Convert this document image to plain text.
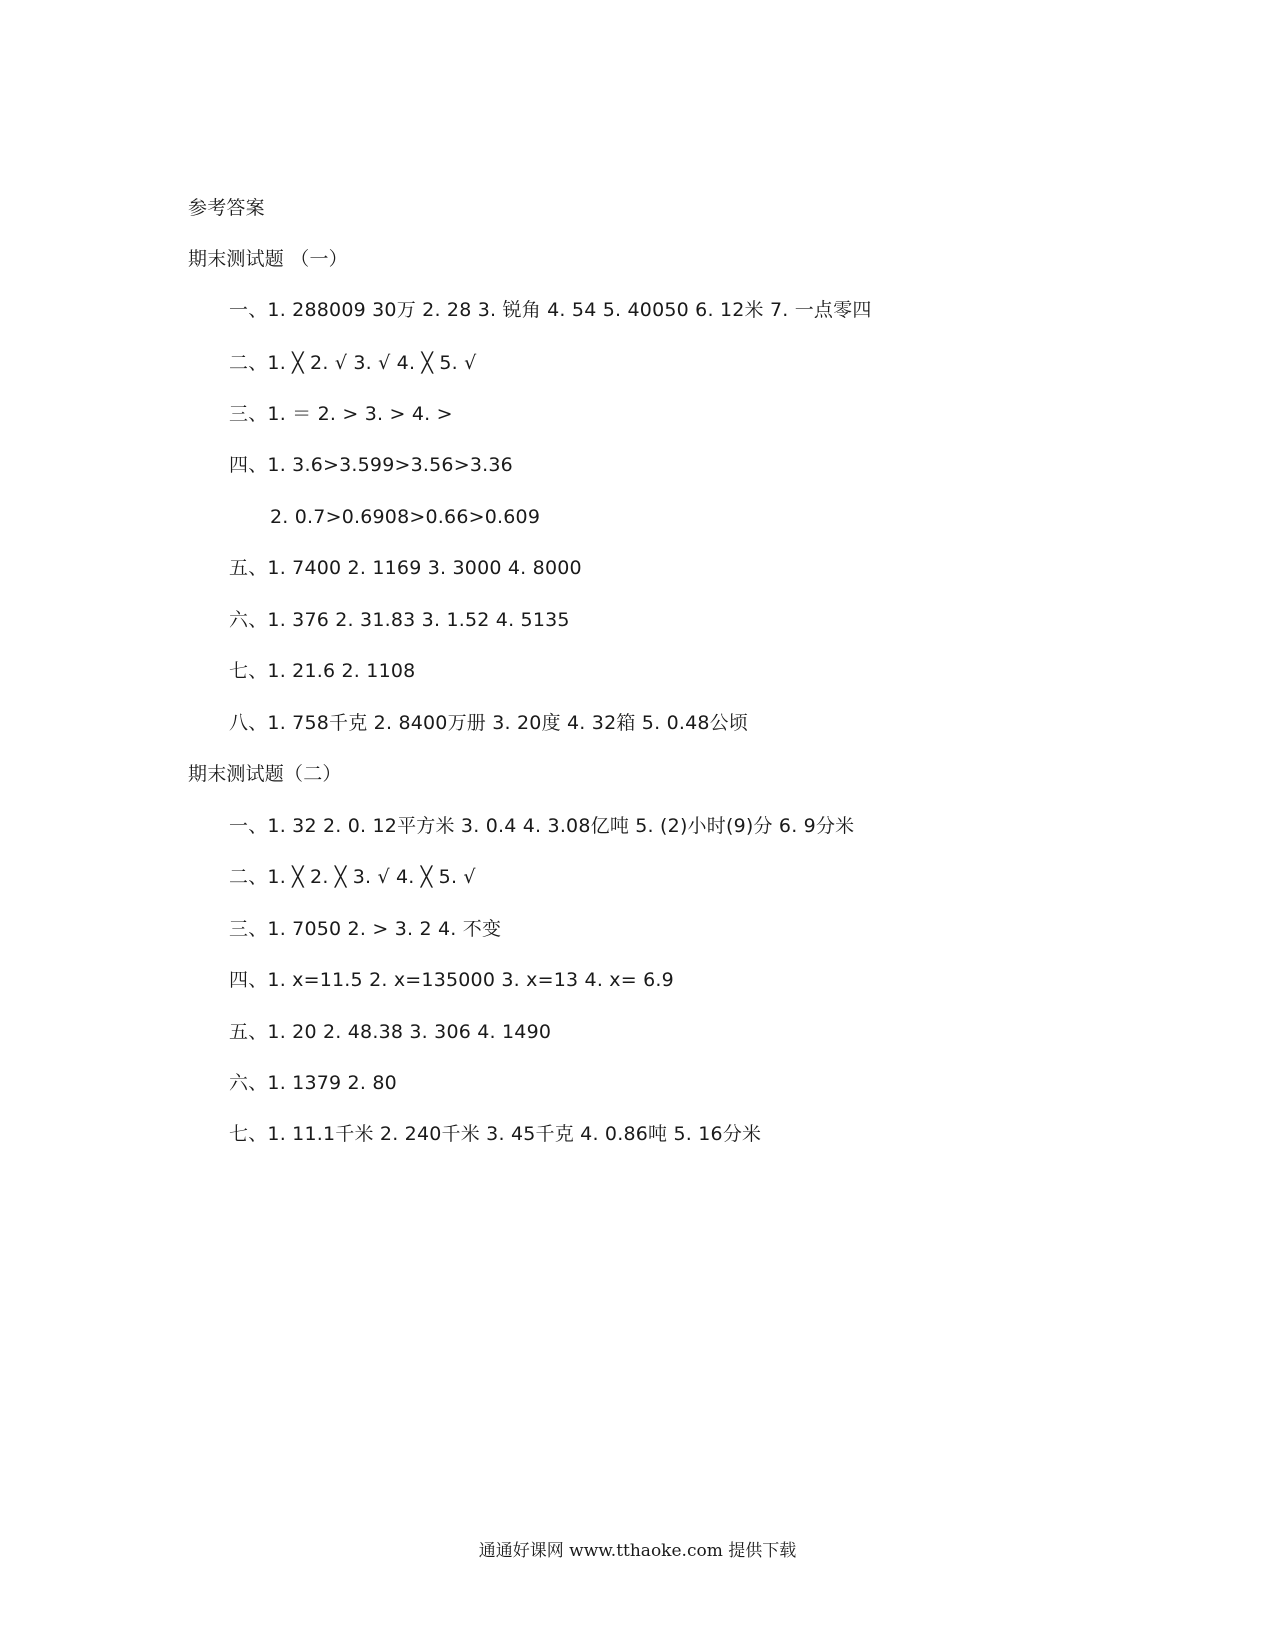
参考答案
期末测试题 （一）
一、1. 288009 30万 2. 28 3. 锐角 4. 54 5. 40050 6. 12米 7. 一点零四
二、1. ╳ 2. √ 3. √ 4. ╳ 5. √
三、1. ＝ 2. > 3. > 4. >
四、1. 3.6>3.599>3.56>3.36
2. 0.7>0.6908>0.66>0.609
五、1. 7400 2. 1169 3. 3000 4. 8000
六、1. 376 2. 31.83 3. 1.52 4. 5135
七、1. 21.6 2. 1108
八、1. 758千克 2. 8400万册 3. 20度 4. 32箱 5. 0.48公顷
期末测试题（二）
一、1. 32 2. 0. 12平方米 3. 0.4 4. 3.08亿吨 5. (2)小时(9)分 6. 9分米
二、1. ╳ 2. ╳ 3. √ 4. ╳ 5. √
三、1. 7050 2. > 3. 2 4. 不变
四、1. x=11.5 2. x=135000 3. x=13 4. x= 6.9
五、1. 20 2. 48.38 3. 306 4. 1490
六、1. 1379 2. 80
七、1. 11.1千米 2. 240千米 3. 45千克 4. 0.86吨 5. 16分米
通通好课网 www.tthaoke.com 提供下载
